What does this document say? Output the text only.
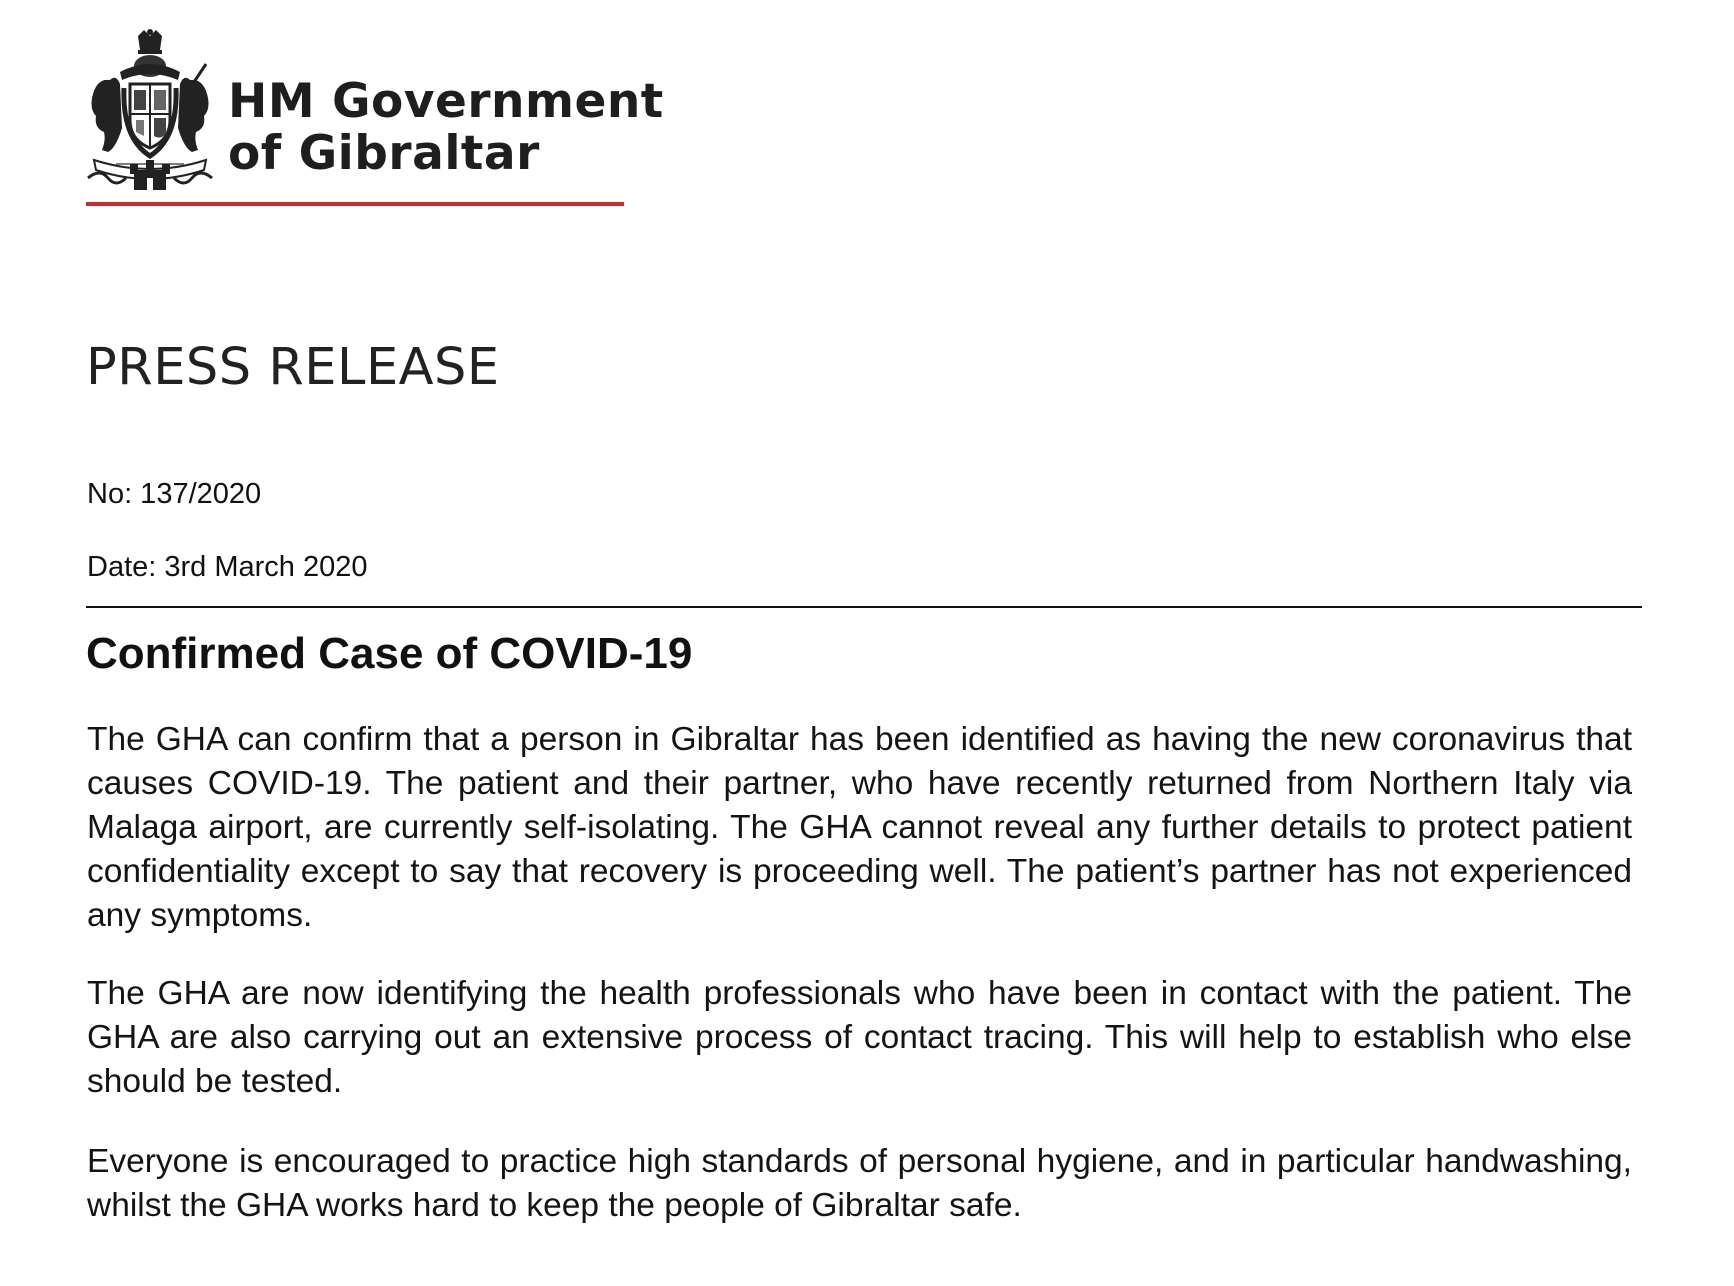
HM Government
of Gibraltar
PRESS RELEASE
No: 137/2020
Date: 3rd March 2020
Confirmed Case of COVID-19

The GHA can confirm that a person in Gibraltar has been identified as having the new coronavirus that causes COVID-19. The patient and their partner, who have recently returned from Northern Italy via Malaga airport, are currently self-isolating. The GHA cannot reveal any further details to protect patient confidentiality except to say that recovery is proceeding well. The patient’s partner has not experienced any symptoms.

The GHA are now identifying the health professionals who have been in contact with the patient. The GHA are also carrying out an extensive process of contact tracing. This will help to establish who else should be tested.

Everyone is encouraged to practice high standards of personal hygiene, and in particular handwashing, whilst the GHA works hard to keep the people of Gibraltar safe.
